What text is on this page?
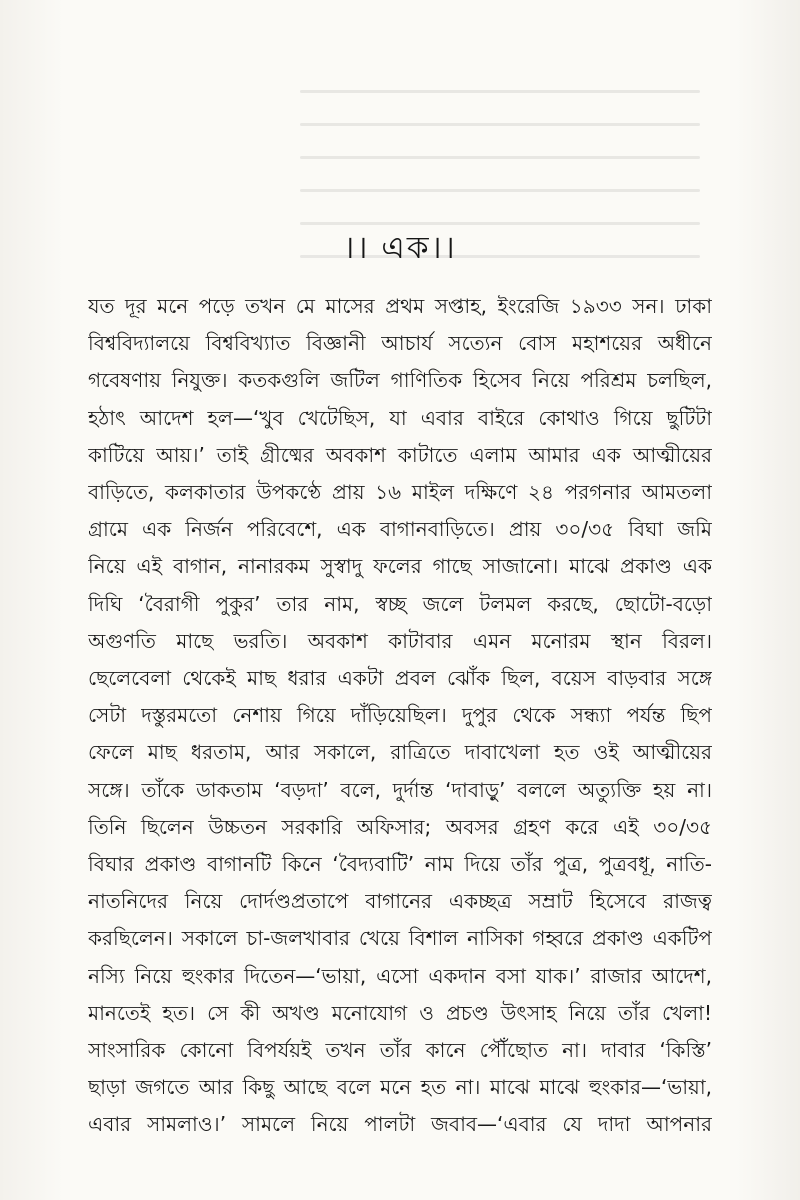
।। এক।।
যত দূর মনে পড়ে তখন মে মাসের প্রথম সপ্তাহ, ইংরেজি ১৯৩৩ সন। ঢাকা
বিশ্ববিদ্যালয়ে বিশ্ববিখ্যাত বিজ্ঞানী আচার্য সত্যেন বোস মহাশয়ের অধীনে
গবেষণায় নিযুক্ত। কতকগুলি জটিল গাণিতিক হিসেব নিয়ে পরিশ্রম চলছিল,
হঠাৎ আদেশ হল—‘খুব খেটেছিস, যা এবার বাইরে কোথাও গিয়ে ছুটিটা
কাটিয়ে আয়।’ তাই গ্রীষ্মের অবকাশ কাটাতে এলাম আমার এক আত্মীয়ের
বাড়িতে, কলকাতার উপকণ্ঠে প্রায় ১৬ মাইল দক্ষিণে ২৪ পরগনার আমতলা
গ্রামে এক নির্জন পরিবেশে, এক বাগানবাড়িতে। প্রায় ৩০/৩৫ বিঘা জমি
নিয়ে এই বাগান, নানারকম সুস্বাদু ফলের গাছে সাজানো। মাঝে প্রকাণ্ড এক
দিঘি ‘বৈরাগী পুকুর’ তার নাম, স্বচ্ছ জলে টলমল করছে, ছোটো-বড়ো
অগুণতি মাছে ভরতি। অবকাশ কাটাবার এমন মনোরম স্থান বিরল।
ছেলেবেলা থেকেই মাছ ধরার একটা প্রবল ঝোঁক ছিল, বয়েস বাড়বার সঙ্গে
সেটা দস্তুরমতো নেশায় গিয়ে দাঁড়িয়েছিল। দুপুর থেকে সন্ধ্যা পর্যন্ত ছিপ
ফেলে মাছ ধরতাম, আর সকালে, রাত্রিতে দাবাখেলা হত ওই আত্মীয়ের
সঙ্গে। তাঁকে ডাকতাম ‘বড়দা’ বলে, দুর্দান্ত ‘দাবাড়ু’ বললে অত্যুক্তি হয় না।
তিনি ছিলেন উচ্চতন সরকারি অফিসার; অবসর গ্রহণ করে এই ৩০/৩৫
বিঘার প্রকাণ্ড বাগানটি কিনে ‘বৈদ্যবাটি’ নাম দিয়ে তাঁর পুত্র, পুত্রবধূ, নাতি-
নাতনিদের নিয়ে দোর্দণ্ডপ্রতাপে বাগানের একচ্ছত্র সম্রাট হিসেবে রাজত্ব
করছিলেন। সকালে চা-জলখাবার খেয়ে বিশাল নাসিকা গহ্বরে প্রকাণ্ড একটিপ
নস্যি নিয়ে হুংকার দিতেন—‘ভায়া, এসো একদান বসা যাক।’ রাজার আদেশ,
মানতেই হত। সে কী অখণ্ড মনোযোগ ও প্রচণ্ড উৎসাহ নিয়ে তাঁর খেলা!
সাংসারিক কোনো বিপর্যয়ই তখন তাঁর কানে পৌঁছোত না। দাবার ‘কিস্তি’
ছাড়া জগতে আর কিছু আছে বলে মনে হত না। মাঝে মাঝে হুংকার—‘ভায়া,
এবার সামলাও।’ সামলে নিয়ে পালটা জবাব—‘এবার যে দাদা আপনার
